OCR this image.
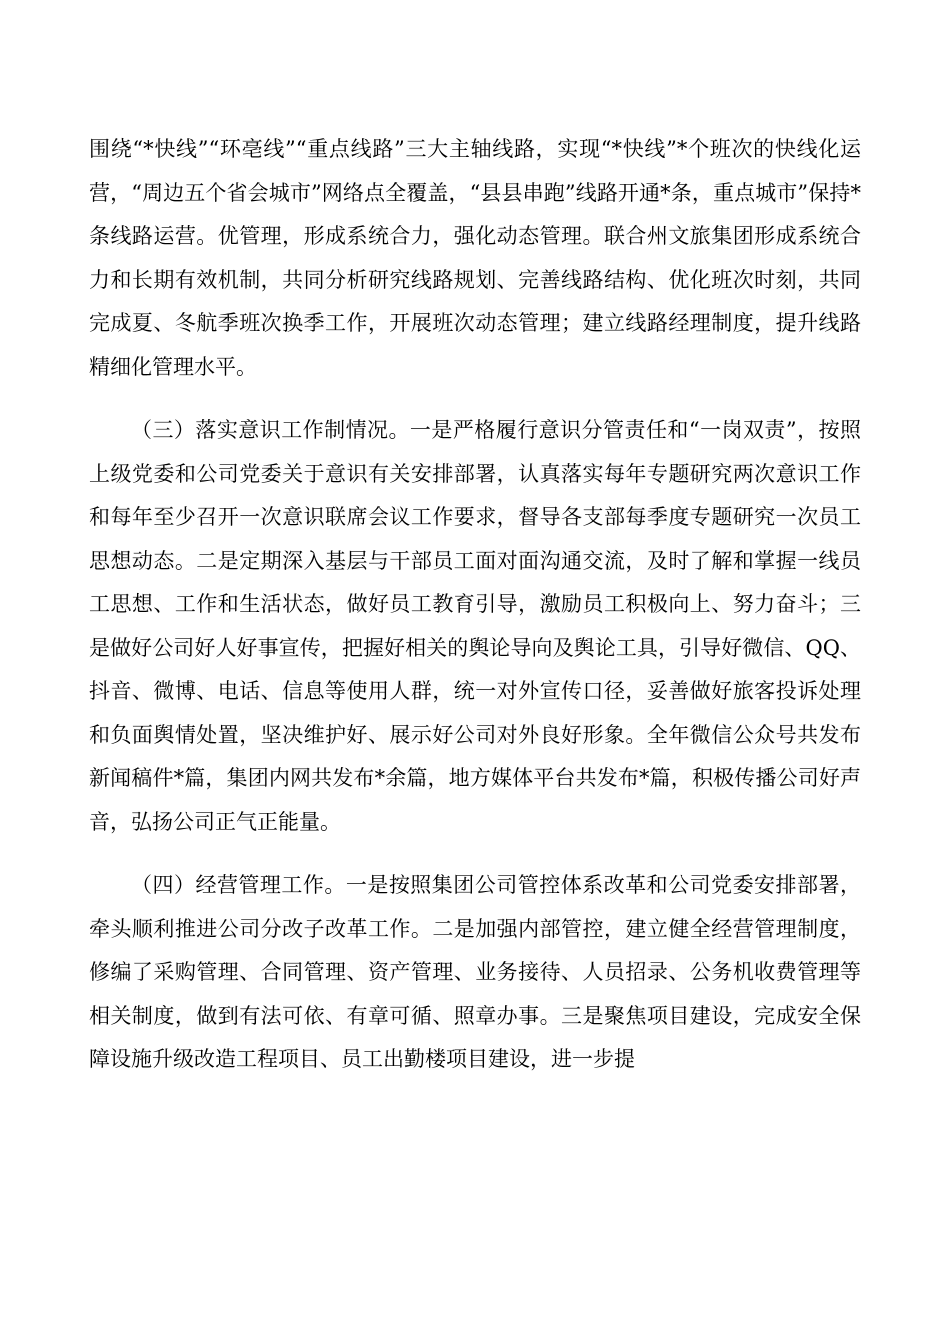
围绕“*快线”“环亳线”“重点线路”三大主轴线路，实现“*快线”*个班次的快线化运营，“周边五个省会城市”网络点全覆盖，“县县串跑”线路开通*条，重点城市”保持*条线路运营。优管理，形成系统合力，强化动态管理。联合州文旅集团形成系统合力和长期有效机制，共同分析研究线路规划、完善线路结构、优化班次时刻，共同完成夏、冬航季班次换季工作，开展班次动态管理；建立线路经理制度，提升线路精细化管理水平。

（三）落实意识工作制情况。一是严格履行意识分管责任和“一岗双责”，按照上级党委和公司党委关于意识有关安排部署，认真落实每年专题研究两次意识工作和每年至少召开一次意识联席会议工作要求，督导各支部每季度专题研究一次员工思想动态。二是定期深入基层与干部员工面对面沟通交流，及时了解和掌握一线员工思想、工作和生活状态，做好员工教育引导，激励员工积极向上、努力奋斗；三是做好公司好人好事宣传，把握好相关的舆论导向及舆论工具，引导好微信、QQ、抖音、微博、电话、信息等使用人群，统一对外宣传口径，妥善做好旅客投诉处理和负面舆情处置，坚决维护好、展示好公司对外良好形象。全年微信公众号共发布新闻稿件*篇，集团内网共发布*余篇，地方媒体平台共发布*篇，积极传播公司好声音，弘扬公司正气正能量。

（四）经营管理工作。一是按照集团公司管控体系改革和公司党委安排部署，牵头顺利推进公司分改子改革工作。二是加强内部管控，建立健全经营管理制度，修编了采购管理、合同管理、资产管理、业务接待、人员招录、公务机收费管理等相关制度，做到有法可依、有章可循、照章办事。三是聚焦项目建设，完成安全保障设施升级改造工程项目、员工出勤楼项目建设，进一步提
